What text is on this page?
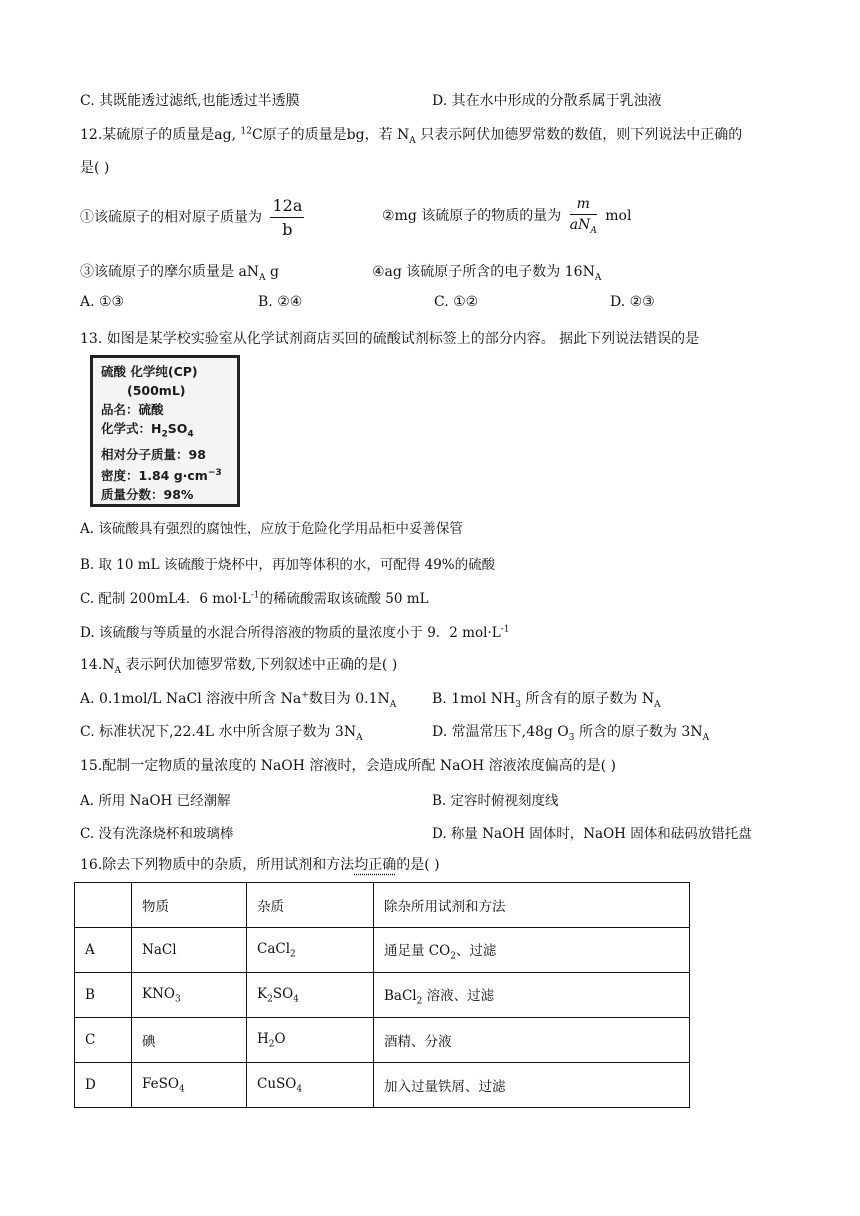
C. 其既能透过滤纸,也能透过半透膜	D. 其在水中形成的分散系属于乳浊液
12.某硫原子的质量是ag, $^{12}$C原子的质量是bg，若 $N_A$ 只表示阿伏加德罗常数的数值，则下列说法中正确的
是( )
①该硫原子的相对原子质量为 $\frac{12a}{b}$	②mg 该硫原子的物质的量为 $\frac{m}{aN_A}$ mol
③该硫原子的摩尔质量是 $aN_A$ g	④ag 该硫原子所含的电子数为 $16N_A$
A. ①③	B. ②④	C. ①②	D. ②③
13. 如图是某学校实验室从化学试剂商店买回的硫酸试剂标签上的部分内容。 据此下列说法错误的是
硫酸 化学纯(CP)
(500mL)
品名：硫酸
化学式：$H_2SO_4$
相对分子质量：98
密度：1.84 $g\cdot cm^{-3}$
质量分数：98%
A. 该硫酸具有强烈的腐蚀性，应放于危险化学用品柜中妥善保管
B. 取 10 mL 该硫酸于烧杯中，再加等体积的水，可配得 49%的硫酸
C. 配制 200mL4．6 $mol\cdot L^{-1}$的稀硫酸需取该硫酸 50 mL
D. 该硫酸与等质量的水混合所得溶液的物质的量浓度小于 9．2 $mol\cdot L^{-1}$
$14.N_A$ 表示阿伏加德罗常数,下列叙述中正确的是( )
A. 0.1mol/L NaCl 溶液中所含 Na+数目为 $0.1N_A$	B. 1mol $NH_3$ 所含有的原子数为 $N_A$
C. 标准状况下,22.4L 水中所含原子数为 $3N_A$	D. 常温常压下,48g $O_3$ 所含的原子数为 $3N_A$
15.配制一定物质的量浓度的 NaOH 溶液时，会造成所配 NaOH 溶液浓度偏高的是( )
A. 所用 NaOH 已经潮解	B. 定容时俯视刻度线
C. 没有洗涤烧杯和玻璃棒	D. 称量 NaOH 固体时，NaOH 固体和砝码放错托盘
16.除去下列物质中的杂质，所用试剂和方法均正确的是( )
	物质	杂质	除杂所用试剂和方法
A	NaCl	CaCl$_2$	通足量 $CO_2$、过滤
B	$KNO_3$	$K_2SO_4$	BaCl$_2$ 溶液、过滤
C	碘	$H_2O$	酒精、分液
D	FeSO$_4$	CuSO$_4$	加入过量铁屑、过滤
